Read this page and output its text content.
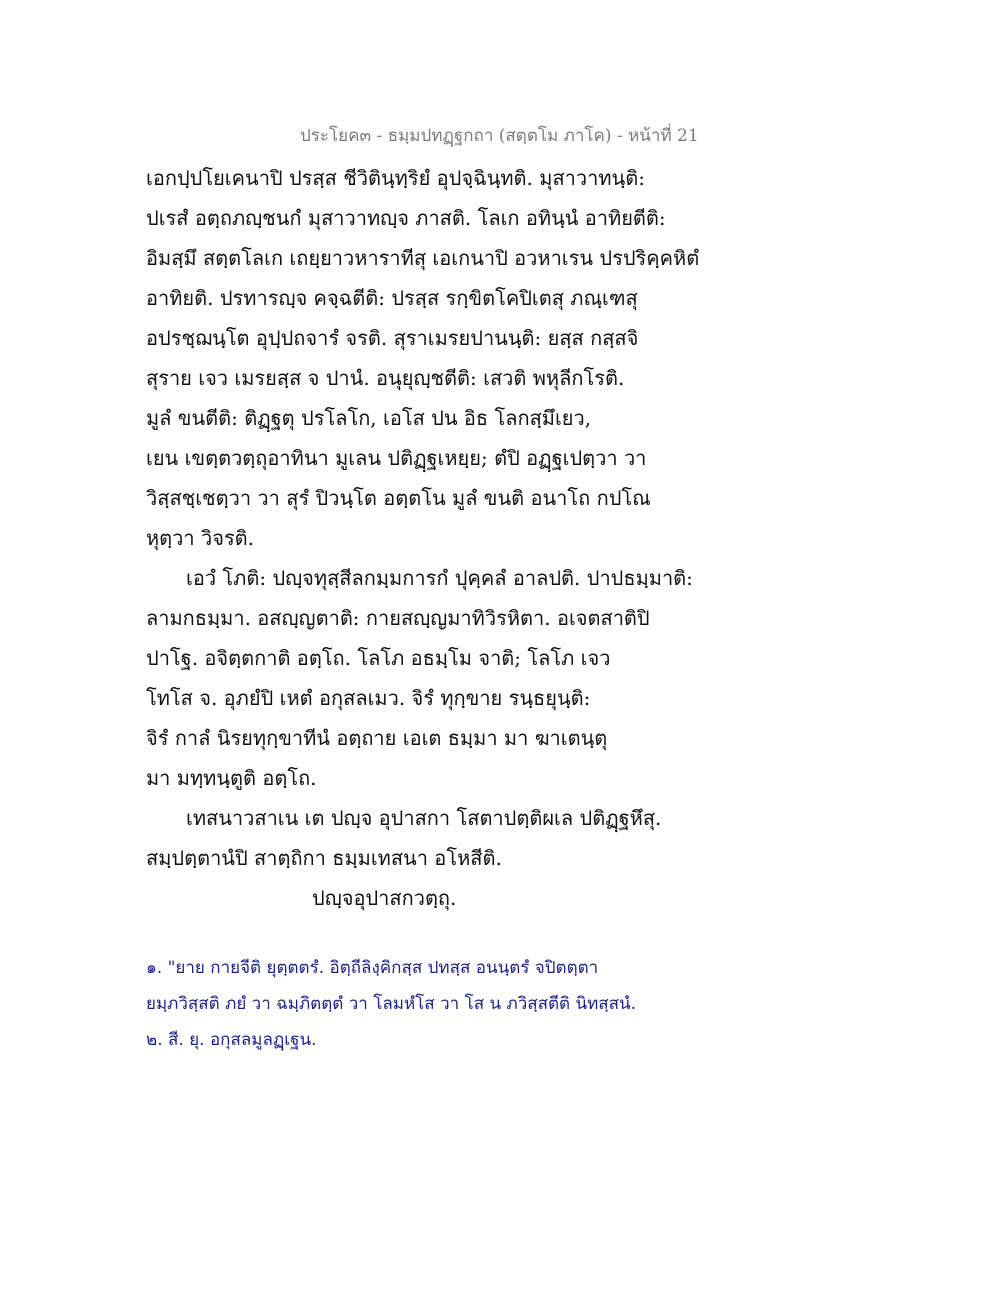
ประโยค๓ - ธมฺมปทฏฺฐกถา (สตฺตโม ภาโค) - หน้าที่ 21
เอกปฺปโยเคนาปิ ปรสฺส ชีวิตินฺทฺริยํ อุปจฺฉินฺทติ. มุสาวาทนฺติ:
ปเรสํ อตฺถภญฺชนกํ มุสาวาทญฺจ ภาสติ. โลเก อทินฺนํ อาทิยตีติ:
อิมสฺมึ สตฺตโลเก เถยฺยาวหาราทีสุ เอเกนาปิ อวหาเรน ปรปริคฺคหิตํ
อาทิยติ. ปรทารญฺจ คจฺฉตีติ: ปรสฺส รกฺขิตโคปิเตสุ ภณฺเฑสุ
อปรชฺฌนฺโต อุปฺปถจารํ จรติ. สุราเมรยปานนฺติ: ยสฺส กสฺสจิ
สุราย เจว เมรยสฺส จ ปานํ. อนุยุญฺชตีติ: เสวติ พหุลีกโรติ.
มูลํ ขนตีติ: ติฏฺฐตุ ปรโลโก, เอโส ปน อิธ โลกสฺมึเยว,
เยน เขตฺตวตฺถุอาทินา มูเลน ปติฏฺฐเหยฺย; ตํปิ อฏฺฐเปตฺวา วา
วิสฺสชฺเชตฺวา วา สุรํ ปิวนฺโต อตฺตโน มูลํ ขนติ อนาโถ กปโณ
หุตฺวา วิจรติ.
เอวํ โภติ: ปญฺจทุสฺสีลกมฺมการกํ ปุคฺคลํ อาลปติ. ปาปธมฺมาติ:
ลามกธมฺมา. อสญฺญตาติ: กายสญฺญมาทิวิรหิตา. อเจตสาติปิ
ปาโฐ. อจิตฺตกาติ อตฺโถ. โลโภ อธมฺโม จาติ; โลโภ เจว
โทโส จ. อุภยํปิ เหตํ อกุสลเมว. จิรํ ทุกฺขาย รนฺธยุนฺติ:
จิรํ กาลํ นิรยทุกฺขาทีนํ อตฺถาย เอเต ธมฺมา มา ฆาเตนฺตุ
มา มทฺทนฺตูติ อตฺโถ.
เทสนาวสาเน เต ปญฺจ อุปาสกา โสตาปตฺติผเล ปติฏฺฐหึสุ.
สมฺปตฺตานํปิ สาตฺถิกา ธมฺมเทสนา อโหสีติ.
ปญฺจอุปาสกวตฺถุ.
๑. "ยาย กายจีติ ยุตฺตตรํ. อิตฺถีลิงฺคิกสฺส ปทสฺส อนนฺตรํ จปิตตฺตา
ยมฺภวิสฺสติ ภยํ วา ฉมฺภิตตฺตํ วา โลมหํโส วา โส น ภวิสฺสตีติ นิทสฺสนํ.
๒. สี. ยุ. อกุสลมูลฏฺเฐน.
